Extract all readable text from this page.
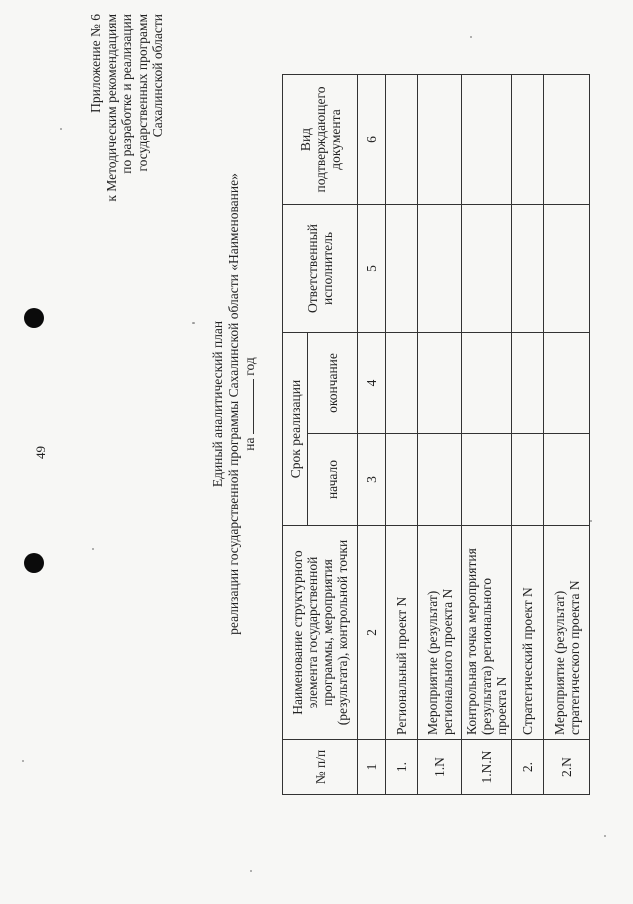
49
Приложение № 6 к Методическим рекомендациям по разработке и реализации государственных программ Сахалинской области
Единый аналитический план реализации государственной программы Сахалинской области «Наименование» на  год
№ п/п	Наименование структурного элемента государственной программы, мероприятия (результата), контрольной точки	Срок реализации		Ответственный исполнитель	Вид подтверждающего документа
		начало	окончание		
1	2	3	4	5	6
1.	Региональный проект N				
1.N	Мероприятие (результат) регионального проекта N				
1.N.N	Контрольная точка мероприятия (результата) регионального проекта N				
2.	Стратегический проект N				
2.N	Мероприятие (результат) стратегического проекта N				
